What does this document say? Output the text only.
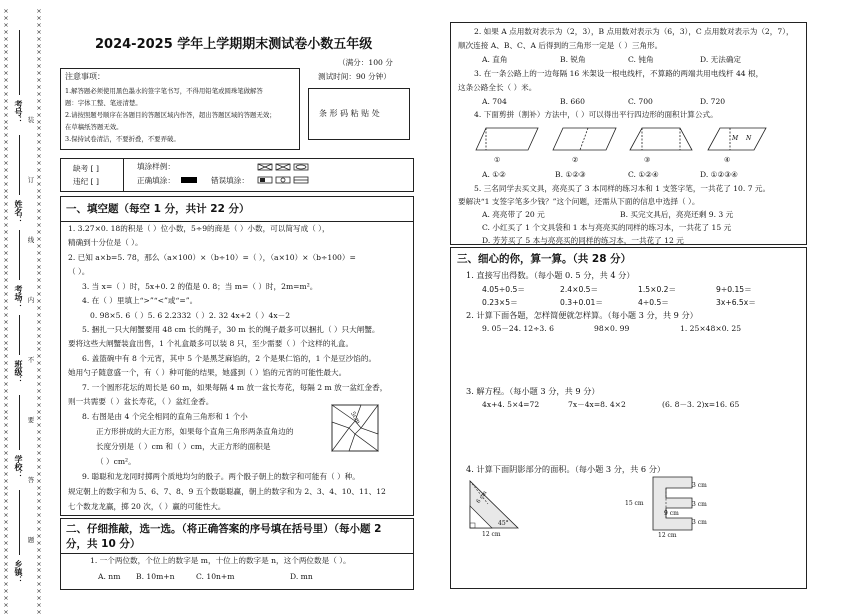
××××××××××××××××××××××××××××××××××××××××××××××××××××××××××××××××××××××××××××××××××××××××
××××××××××××××××××××××××××××××××××××××××××××××××××××××××××××××××××××××××××××××××××××××××
考号：
姓名：
考场：
班级：
学校：
乡镇：
装
订
线
内
不
要
答
题
2024-2025 学年上学期期末测试卷小数五年级
（满分：100 分
测试时间：90 分钟）
注意事项：
1.解答题必须使用黑色墨水的签字笔书写，不得用铅笔或圆珠笔做解答
题：字体工整、笔迹清楚。
2.请按照题号顺序在各题目的答题区域内作答，超出答题区域的答题无效；
在草稿纸答题无效。
3.保持试卷清洁，不要折叠，不要弄破。
条 形 码 粘 贴 处
缺考 [ ]
违纪 [ ]
填涂样例：
正确填涂：	错误填涂：
一、填空题（每空 1 分，共计 22 分）
1. 3.27×0. 18的积是（ ）位小数，5÷9的商是（ ）小数，可以简写成（ ），
精确到十分位是（ ）。
2. 已知 a×b=5. 78，那么（a×100）×（b÷10）=（ ），（a×10）×（b÷100）=
（ ）。
3. 当 x=（ ）时，5x+0. 2 的值是 0. 8；当 m=（ ）时，2m=m²。
4. 在（ ）里填上“>”“<”或“=”。
0. 98×5. 6（ ）5. 6 2.2332（ ）2. 32 4x+2（ ）4x－2
5. 捆扎一只大闸蟹要用 48 cm 长的绳子，30 m 长的绳子最多可以捆扎（ ）只大闸蟹。
要将这些大闸蟹装盒出售，1 个礼盒最多可以装 8 只，至少需要（ ）个这样的礼盒。
6. 盖篮碗中有 8 个元宵，其中 5 个是黑芝麻馅的，2 个是果仁馅的，1 个是豆沙馅的。
她用勺子随意盛一个，有（ ）种可能的结果，她盛到（ ）馅的元宵的可能性最大。
7. 一个圆形花坛的周长是 60 m，如果每隔 4 m 放一盆长寿花，每隔 2 m 放一盆红金香，
则一共需要（ ）盆长寿花，（ ）盆红金香。
8. 右图是由 4 个完全相同的直角三角形和 1 个小
正方形拼成的大正方形，如果每个直角三角形两条直角边的
长度分别是（ ）cm 和（ ）cm，大正方形的面积是
（ ）cm²。
9. 聪聪和龙龙同时掷两个质地均匀的骰子。两个骰子朝上的数字和可能有（ ）种。
规定朝上的数字和为 5、6、7、8、9 五个数聪聪赢，朝上的数字和为 2、3、4、10、11、12
七个数龙龙赢，掷 20 次，（ ）赢的可能性大。
5cm
二、仔细推敲，选一选。（将正确答案的序号填在括号里）（每小题 2
分，共 10 分）
1. 一个两位数，个位上的数字是 m，十位上的数字是 n，这个两位数是（ ）。
A. nm B. 10m+n	C. 10n+m	D. mn
2. 如果 A 点用数对表示为（2，3），B 点用数对表示为（6，3），C 点用数对表示为（2，7），
顺次连接 A、B、C、A 后得到的三角形一定是（ ）三角形。
A. 直角	B. 锐角	C. 钝角	D. 无法确定
3. 在一条公路上的一边每隔 16 米架设一根电线杆，不算路的两端共用电线杆 44 根，
这条公路全长（ ）米。
A. 704	B. 660	C. 700	D. 720
4. 下面剪拼（割补）方法中，（ ）可以得出平行四边形的面积计算公式。
M N
①	②	③	④
A. ①②	B. ①②③	C. ①②④	D. ①②③④
5. 三名同学去买文具，亮亮买了 3 本同样的练习本和 1 支签字笔，一共花了 10. 7 元。
要解决“1 支签字笔多少钱？”这个问题，还需从下面的信息中选择（ ）。
A. 亮亮带了 20 元	B. 买完文具后，亮亮还剩 9. 3 元
C. 小红买了 1 个文具袋和 1 本与亮亮买的同样的练习本，一共花了 15 元
D. 芳芳买了 5 本与亮亮买的同样的练习本，一共花了 12 元
三、细心的你，算一算。（共 28 分）
1. 直接写出得数。（每小题 0. 5 分，共 4 分）
4.05÷0.5＝	2.4×0.5＝	1.5×0.2＝	9÷0.15＝
0.23×5＝	0.3+0.01＝	4÷0.5＝	3x+6.5x＝
2. 计算下面各题，怎样简便就怎样算。（每小题 3 分，共 9 分）
9. 05－24. 12÷3. 6	98×0. 99	1. 25×48×0. 25
3. 解方程。（每小题 3 分，共 9 分）
4x+4. 5×4=72	7x－4x=8. 4×2	(6. 8－3. 2)x=16. 65
4. 计算下面阴影部分的面积。（每小题 3 分，共 6 分）
6 cm
45°
12 cm
15 cm
3 cm
3 cm
3 cm
9 cm
12 cm
